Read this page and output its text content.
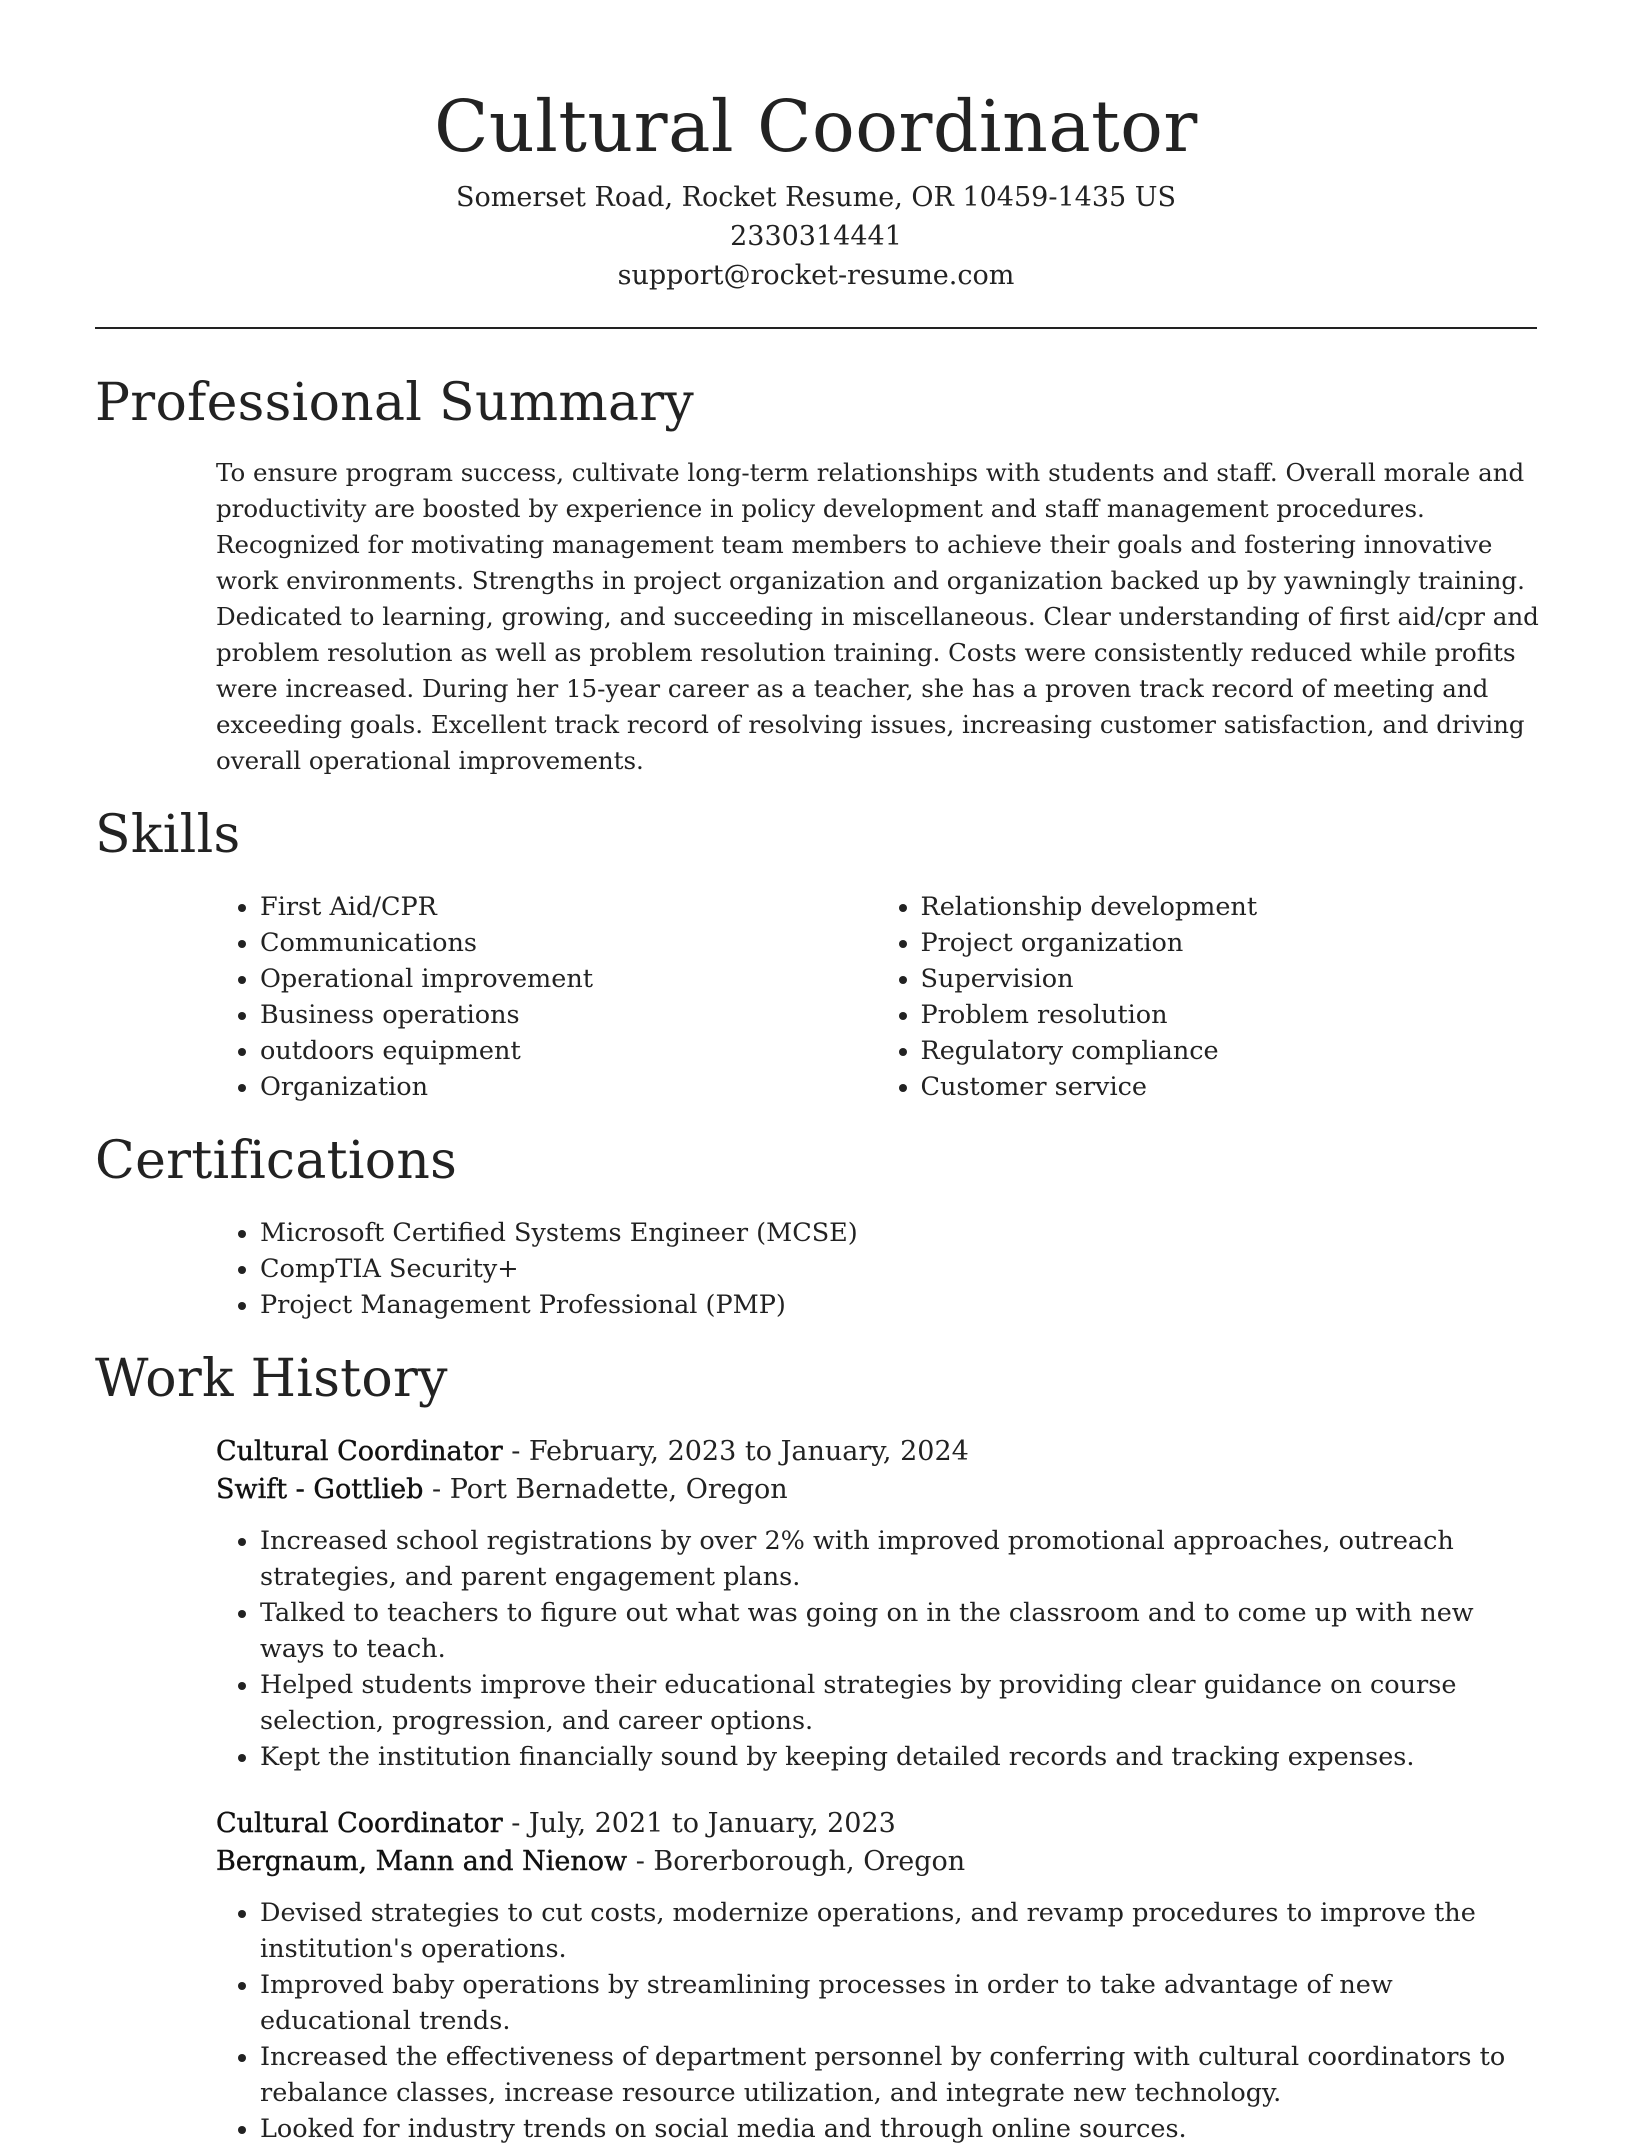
Cultural Coordinator
Somerset Road, Rocket Resume, OR 10459-1435 US
2330314441
support@rocket-resume.com
Professional Summary

To ensure program success, cultivate long-term relationships with students and staff. Overall morale and productivity are boosted by experience in policy development and staff management procedures. Recognized for motivating management team members to achieve their goals and fostering innovative work environments. Strengths in project organization and organization backed up by yawningly training. Dedicated to learning, growing, and succeeding in miscellaneous. Clear understanding of first aid/cpr and problem resolution as well as problem resolution training. Costs were consistently reduced while profits were increased. During her 15-year career as a teacher, she has a proven track record of meeting and exceeding goals. Excellent track record of resolving issues, increasing customer satisfaction, and driving overall operational improvements.

Skills
• First Aid/CPR
• Communications
• Operational improvement
• Business operations
• outdoors equipment
• Organization
• Relationship development
• Project organization
• Supervision
• Problem resolution
• Regulatory compliance
• Customer service
Certifications
• Microsoft Certified Systems Engineer (MCSE)
• CompTIA Security+
• Project Management Professional (PMP)
Work History
Cultural Coordinator - February, 2023 to January, 2024
Swift - Gottlieb - Port Bernadette, Oregon
• Increased school registrations by over 2% with improved promotional approaches, outreach strategies, and parent engagement plans.
• Talked to teachers to figure out what was going on in the classroom and to come up with new ways to teach.
• Helped students improve their educational strategies by providing clear guidance on course selection, progression, and career options.
• Kept the institution financially sound by keeping detailed records and tracking expenses.
Cultural Coordinator - July, 2021 to January, 2023
Bergnaum, Mann and Nienow - Borerborough, Oregon
• Devised strategies to cut costs, modernize operations, and revamp procedures to improve the institution's operations.
• Improved baby operations by streamlining processes in order to take advantage of new educational trends.
• Increased the effectiveness of department personnel by conferring with cultural coordinators to rebalance classes, increase resource utilization, and integrate new technology.
• Looked for industry trends on social media and through online sources.
